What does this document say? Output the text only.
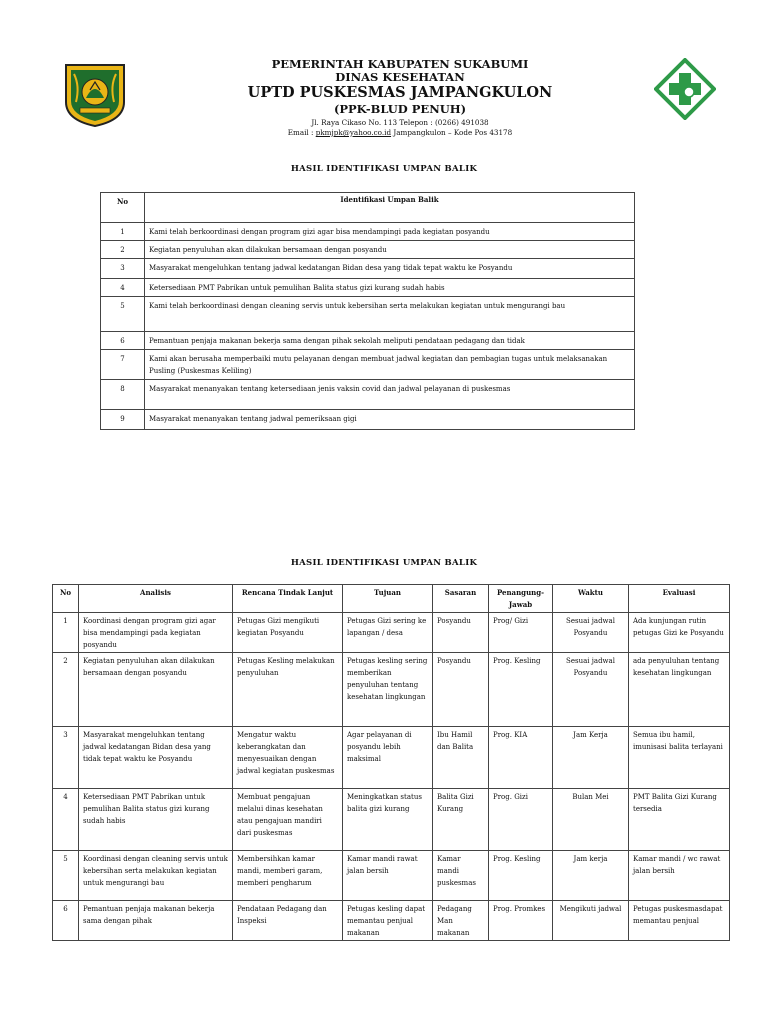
PEMERINTAH KABUPATEN SUKABUMI
DINAS KESEHATAN
UPTD PUSKESMAS JAMPANGKULON
(PPK-BLUD PENUH)
Jl. Raya Cikaso No. 113 Telepon : (0266) 491038
Email : pkmjpk@yahoo.co.id Jampangkulon – Kode Pos 43178
HASIL IDENTIFIKASI UMPAN BALIK
No	Identifikasi Umpan Balik
1	Kami telah berkoordinasi dengan program gizi agar bisa mendampingi pada kegiatan posyandu
2	Kegiatan penyuluhan akan dilakukan bersamaan dengan posyandu
3	Masyarakat mengeluhkan tentang jadwal kedatangan Bidan desa yang tidak tepat waktu ke Posyandu
4	Ketersediaan PMT Pabrikan untuk pemulihan Balita status gizi kurang sudah habis
5	Kami telah berkoordinasi dengan cleaning servis untuk kebersihan serta melakukan kegiatan untuk mengurangi bau
6	Pemantuan penjaja makanan bekerja sama dengan pihak sekolah meliputi pendataan pedagang dan tidak
7	Kami akan berusaha memperbaiki mutu pelayanan dengan membuat jadwal kegiatan dan pembagian tugas untuk melaksanakan Pusling (Puskesmas Keliling)
8	Masyarakat menanyakan tentang ketersediaan jenis vaksin covid dan jadwal pelayanan di puskesmas
9	Masyarakat menanyakan tentang jadwal pemeriksaan gigi
HASIL IDENTIFIKASI UMPAN BALIK
No	Analisis	Rencana Tindak Lanjut	Tujuan	Sasaran	Penangung-Jawab	Waktu	Evaluasi
1	Koordinasi dengan program gizi agar bisa mendampingi pada kegiatan posyandu	Petugas Gizi mengikuti kegiatan Posyandu	Petugas Gizi sering ke lapangan / desa	Posyandu	Prog/ Gizi	Sesuai jadwal Posyandu	Ada kunjungan rutin petugas Gizi ke Posyandu
2	Kegiatan penyuluhan akan dilakukan bersamaan dengan posyandu	Petugas Kesling melakukan penyuluhan	Petugas kesling sering memberikan penyuluhan tentang kesehatan lingkungan	Posyandu	Prog. Kesling	Sesuai jadwal Posyandu	ada penyuluhan tentang kesehatan lingkungan
3	Masyarakat mengeluhkan tentang jadwal kedatangan Bidan desa yang tidak tepat waktu ke Posyandu	Mengatur waktu keberangkatan dan menyesuaikan dengan jadwal kegiatan puskesmas	Agar pelayanan di posyandu lebih maksimal	Ibu Hamil dan Balita	Prog. KIA	Jam Kerja	Semua ibu hamil, imunisasi balita terlayani
4	Ketersediaan PMT Pabrikan untuk pemulihan Balita status gizi kurang sudah habis	Membuat pengajuan melalui dinas kesehatan atau pengajuan mandiri dari puskesmas	Meningkatkan status balita gizi kurang	Balita Gizi Kurang	Prog. Gizi	Bulan Mei	PMT Balita Gizi Kurang tersedia
5	Koordinasi dengan cleaning servis untuk kebersihan serta melakukan kegiatan untuk mengurangi bau	Membersihkan kamar mandi, memberi garam, memberi pengharum	Kamar mandi rawat jalan bersih	Kamar mandi puskesmas	Prog. Kesling	Jam kerja	Kamar mandi / wc rawat jalan bersih
6	Pemantuan penjaja makanan bekerja sama dengan pihak	Pendataan Pedagang dan Inspeksi	Petugas kesling dapat memantau penjual makanan	Pedagang Man makanan	Prog. Promkes	Mengikuti jadwal	Petugas puskesmasdapat memantau penjual
